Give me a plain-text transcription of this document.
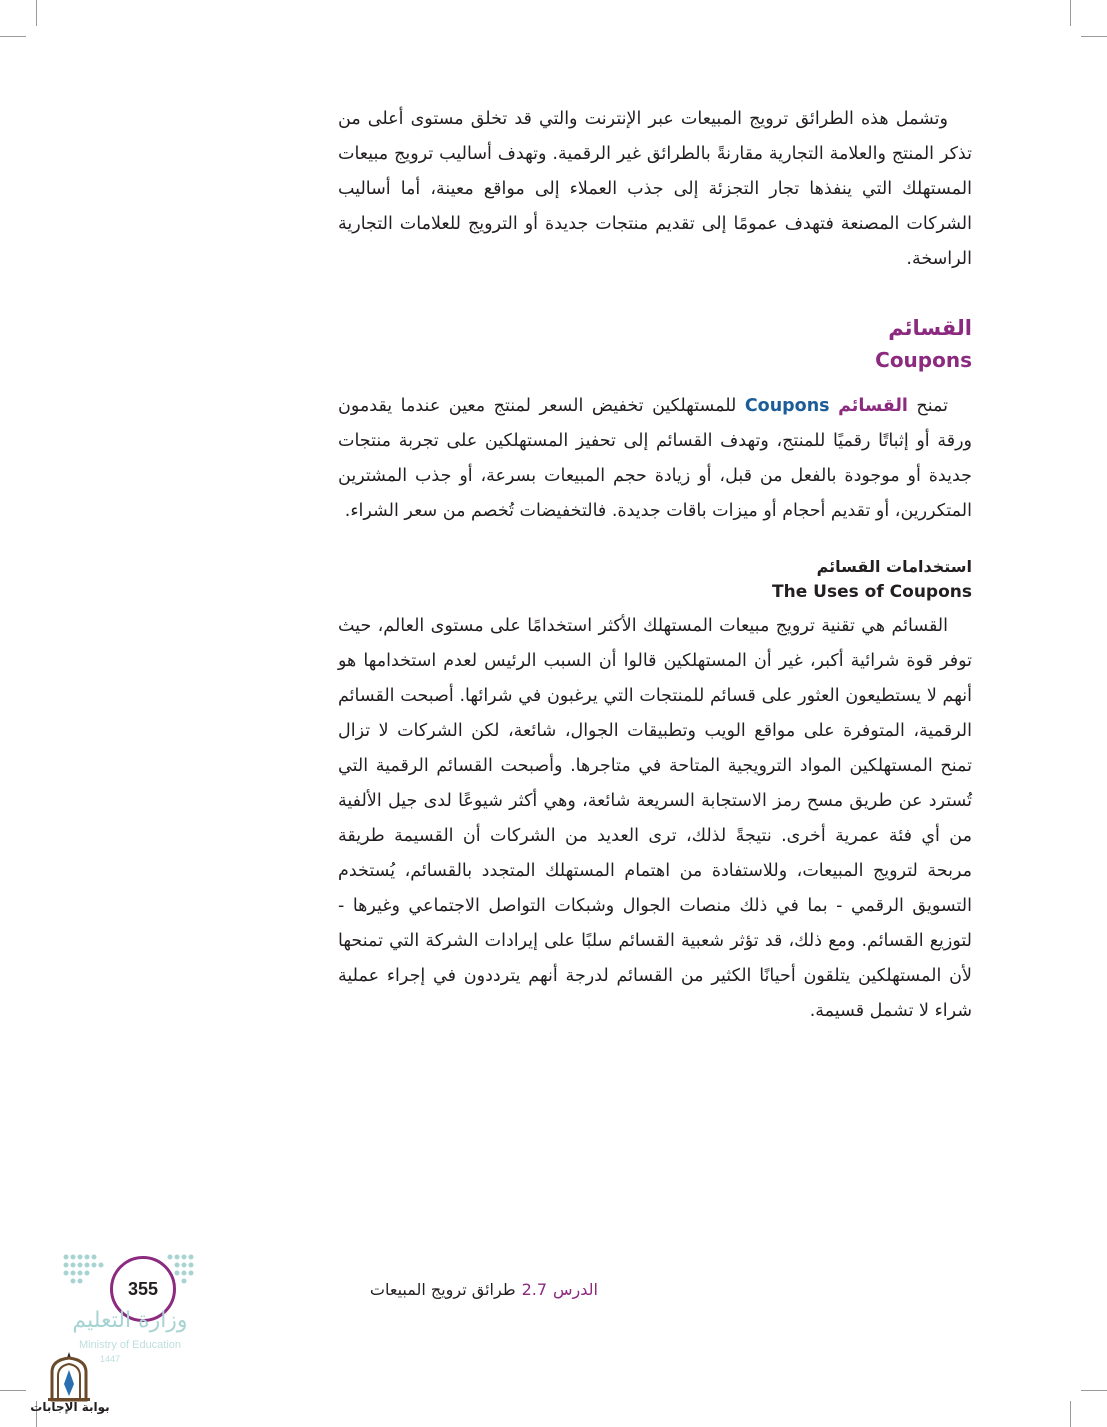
وتشمل هذه الطرائق ترويج المبيعات عبر الإنترنت والتي قد تخلق مستوى أعلى من تذكر المنتج والعلامة التجارية مقارنةً بالطرائق غير الرقمية. وتهدف أساليب ترويج مبيعات المستهلك التي ينفذها تجار التجزئة إلى جذب العملاء إلى مواقع معينة، أما أساليب الشركات المصنعة فتهدف عمومًا إلى تقديم منتجات جديدة أو الترويج للعلامات التجارية الراسخة.

القسائم
Coupons

تمنح القسائم Coupons للمستهلكين تخفيض السعر لمنتج معين عندما يقدمون ورقة أو إثباتًا رقميًا للمنتج، وتهدف القسائم إلى تحفيز المستهلكين على تجربة منتجات جديدة أو موجودة بالفعل من قبل، أو زيادة حجم المبيعات بسرعة، أو جذب المشترين المتكررين، أو تقديم أحجام أو ميزات باقات جديدة. فالتخفيضات تُخصم من سعر الشراء.

استخدامات القسائم
The Uses of Coupons

القسائم هي تقنية ترويج مبيعات المستهلك الأكثر استخدامًا على مستوى العالم، حيث توفر قوة شرائية أكبر، غير أن المستهلكين قالوا أن السبب الرئيس لعدم استخدامها هو أنهم لا يستطيعون العثور على قسائم للمنتجات التي يرغبون في شرائها. أصبحت القسائم الرقمية، المتوفرة على مواقع الويب وتطبيقات الجوال، شائعة، لكن الشركات لا تزال تمنح المستهلكين المواد الترويجية المتاحة في متاجرها. وأصبحت القسائم الرقمية التي تُسترد عن طريق مسح رمز الاستجابة السريعة شائعة، وهي أكثر شيوعًا لدى جيل الألفية من أي فئة عمرية أخرى. نتيجةً لذلك، ترى العديد من الشركات أن القسيمة طريقة مربحة لترويج المبيعات، وللاستفادة من اهتمام المستهلك المتجدد بالقسائم، يُستخدم التسويق الرقمي - بما في ذلك منصات الجوال وشبكات التواصل الاجتماعي وغيرها - لتوزيع القسائم. ومع ذلك، قد تؤثر شعبية القسائم سلبًا على إيرادات الشركة التي تمنحها لأن المستهلكين يتلقون أحيانًا الكثير من القسائم لدرجة أنهم يترددون في إجراء عملية شراء لا تشمل قسيمة.

الدرس2.7طرائق ترويج المبيعات
355
وزارة التعليم
Ministry of Education
1447
بوابة الإجابات
